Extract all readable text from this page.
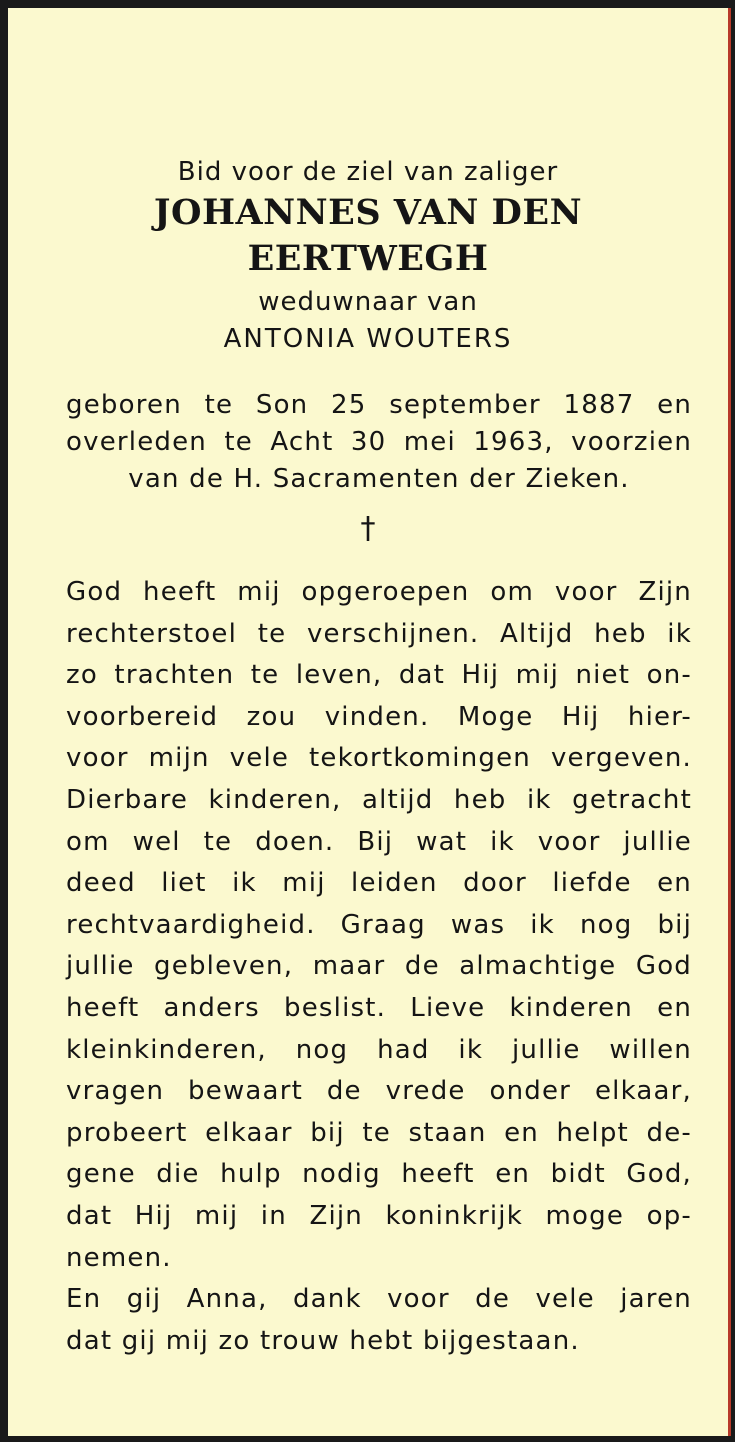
Bid voor de ziel van zaliger
JOHANNES VAN DEN
EERTWEGH
weduwnaar van
ANTONIA WOUTERS
geboren te Son 25 september 1887 en
overleden te Acht 30 mei 1963, voorzien
van de H. Sacramenten der Zieken.
†
God heeft mij opgeroepen om voor Zijn
rechterstoel te verschijnen. Altijd heb ik
zo trachten te leven, dat Hij mij niet on-
voorbereid zou vinden. Moge Hij hier-
voor mijn vele tekortkomingen vergeven.
Dierbare kinderen, altijd heb ik getracht
om wel te doen. Bij wat ik voor jullie
deed liet ik mij leiden door liefde en
rechtvaardigheid. Graag was ik nog bij
jullie gebleven, maar de almachtige God
heeft anders beslist. Lieve kinderen en
kleinkinderen, nog had ik jullie willen
vragen bewaart de vrede onder elkaar,
probeert elkaar bij te staan en helpt de-
gene die hulp nodig heeft en bidt God,
dat Hij mij in Zijn koninkrijk moge op-
nemen.
En gij Anna, dank voor de vele jaren
dat gij mij zo trouw hebt bijgestaan.
